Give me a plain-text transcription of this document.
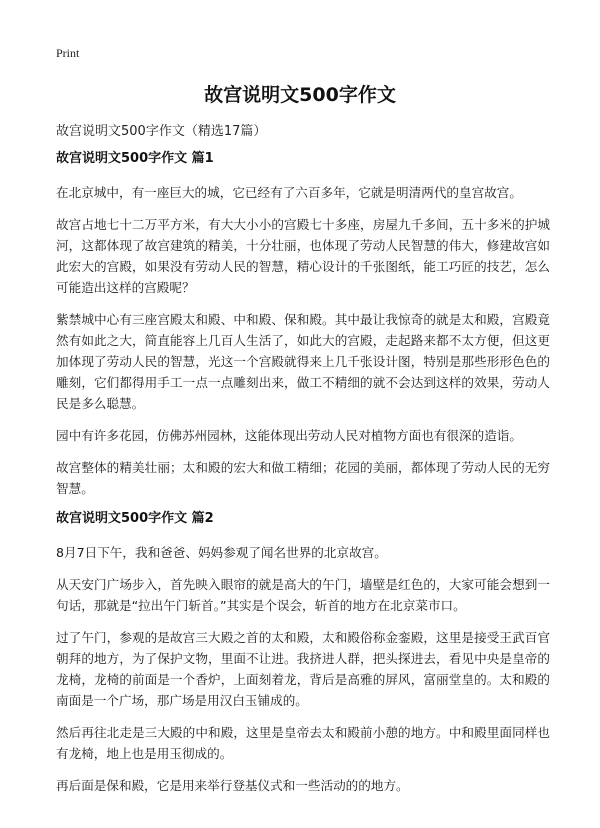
Print
故宫说明文500字作文
故宫说明文500字作文（精选17篇）
故宫说明文500字作文 篇1

在北京城中，有一座巨大的城，它已经有了六百多年，它就是明清两代的皇宫故宫。

故宫占地七十二万平方米，有大大小小的宫殿七十多座，房屋九千多间，五十多米的护城河，这都体现了故宫建筑的精美，十分壮丽，也体现了劳动人民智慧的伟大，修建故宫如此宏大的宫殿，如果没有劳动人民的智慧，精心设计的千张图纸，能工巧匠的技艺，怎么可能造出这样的宫殿呢？

紫禁城中心有三座宫殿太和殿、中和殿、保和殿。其中最让我惊奇的就是太和殿，宫殿竟然有如此之大，简直能容上几百人生活了，如此大的宫殿，走起路来都不太方便，但这更加体现了劳动人民的智慧，光这一个宫殿就得来上几千张设计图，特别是那些形形色色的雕刻，它们都得用手工一点一点雕刻出来，做工不精细的就不会达到这样的效果，劳动人民是多么聪慧。

园中有许多花园，仿佛苏州园林，这能体现出劳动人民对植物方面也有很深的造诣。

故宫整体的精美壮丽；太和殿的宏大和做工精细；花园的美丽，都体现了劳动人民的无穷智慧。

故宫说明文500字作文 篇2

8月7日下午，我和爸爸、妈妈参观了闻名世界的北京故宫。

从天安门广场步入，首先映入眼帘的就是高大的午门，墙壁是红色的，大家可能会想到一句话，那就是“拉出午门斩首。”其实是个误会，斩首的地方在北京菜市口。

过了午门，参观的是故宫三大殿之首的太和殿，太和殿俗称金銮殿，这里是接受王武百官朝拜的地方，为了保护文物，里面不让进。我挤进人群，把头探进去，看见中央是皇帝的龙椅，龙椅的前面是一个香炉，上面刻着龙，背后是高雅的屏风，富丽堂皇的。太和殿的南面是一个广场，那广场是用汉白玉铺成的。

然后再往北走是三大殿的中和殿，这里是皇帝去太和殿前小憩的地方。中和殿里面同样也有龙椅，地上也是用玉彻成的。

再后面是保和殿，它是用来举行登基仪式和一些活动的的地方。
